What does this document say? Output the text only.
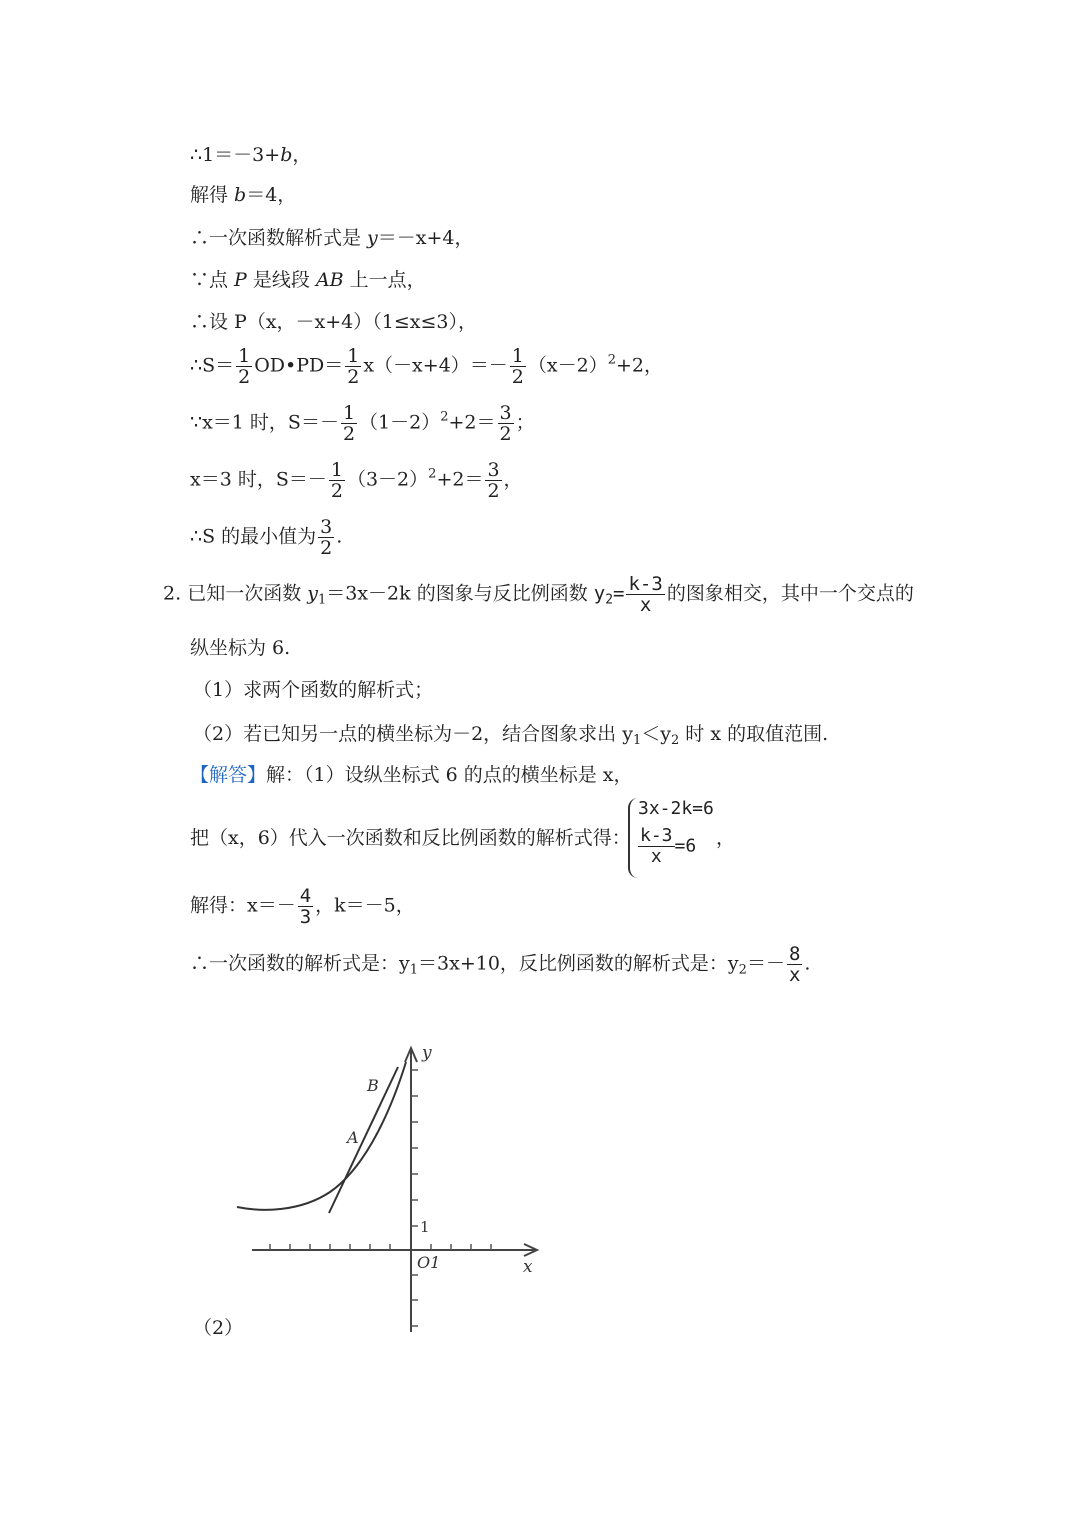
∴1＝－3+b，
解得 b＝4，
∴一次函数解析式是 y＝－x+4，
∵点 P 是线段 AB 上一点，
∴设 P（x，－x+4）（1≤x≤3），
∴S＝ $\frac{1}{2}$ OD•PD＝ $\frac{1}{2} x(-x+4)=- \frac{1}{2} (x-2)^2+2$，
∵x＝1 时，$S=- \frac{1}{2} (1-2)^2+2= \frac{3}{2}$ ；
x＝3 时，$S=- \frac{1}{2} (3-2)^2+2= \frac{3}{2}$ ，
∴S 的最小值为 $\frac{3}{2}$ .
2. 已知一次函数 $y_1=3x-2k$ 的图象与反比例函数 $y_2= \frac{k-3}{x}$ 的图象相交，其中一个交点的
纵坐标为 6.
（1）求两个函数的解析式；
（2）若已知另一点的横坐标为－2，结合图象求出 $y_1<y_2$ 时 x 的取值范围.
【解答】解：（1）设纵坐标式 6 的点的横坐标是 x，
把（x，6）代入一次函数和反比例函数的解析式得：
3x-2k=6
$\frac{k-3}{x} =6$ ，
解得：$x=- \frac{4}{3}$ ，k＝－5，
∴一次函数的解析式是：$y_1=3x+10$，反比例函数的解析式是：$y_2=- \frac{8}{x}$ .
y
x
O1
1
A
B
（2）
